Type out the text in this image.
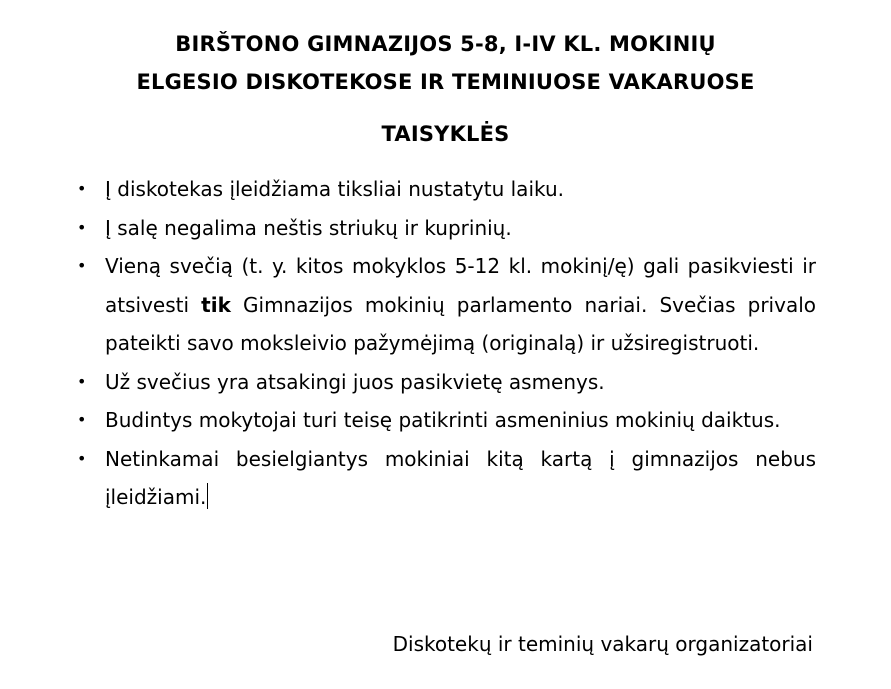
BIRŠTONO GIMNAZIJOS 5-8, I-IV KL. MOKINIŲ
ELGESIO DISKOTEKOSE IR TEMINIUOSE VAKARUOSE
TAISYKLĖS
• Į diskotekas įleidžiama tiksliai nustatytu laiku.
• Į salę negalima neštis striukų ir kuprinių.
• Vieną svečią (t. y. kitos mokyklos 5-12 kl. mokinį/ę) gali pasikviesti ir atsivesti tik Gimnazijos mokinių parlamento nariai. Svečias privalo pateikti savo moksleivio pažymėjimą (originalą) ir užsiregistruoti.
• Už svečius yra atsakingi juos pasikvietę asmenys.
• Budintys mokytojai turi teisę patikrinti asmeninius mokinių daiktus.
• Netinkamai besielgiantys mokiniai kitą kartą į gimnazijos nebus įleidžiami.
Diskotekų ir teminių vakarų organizatoriai
